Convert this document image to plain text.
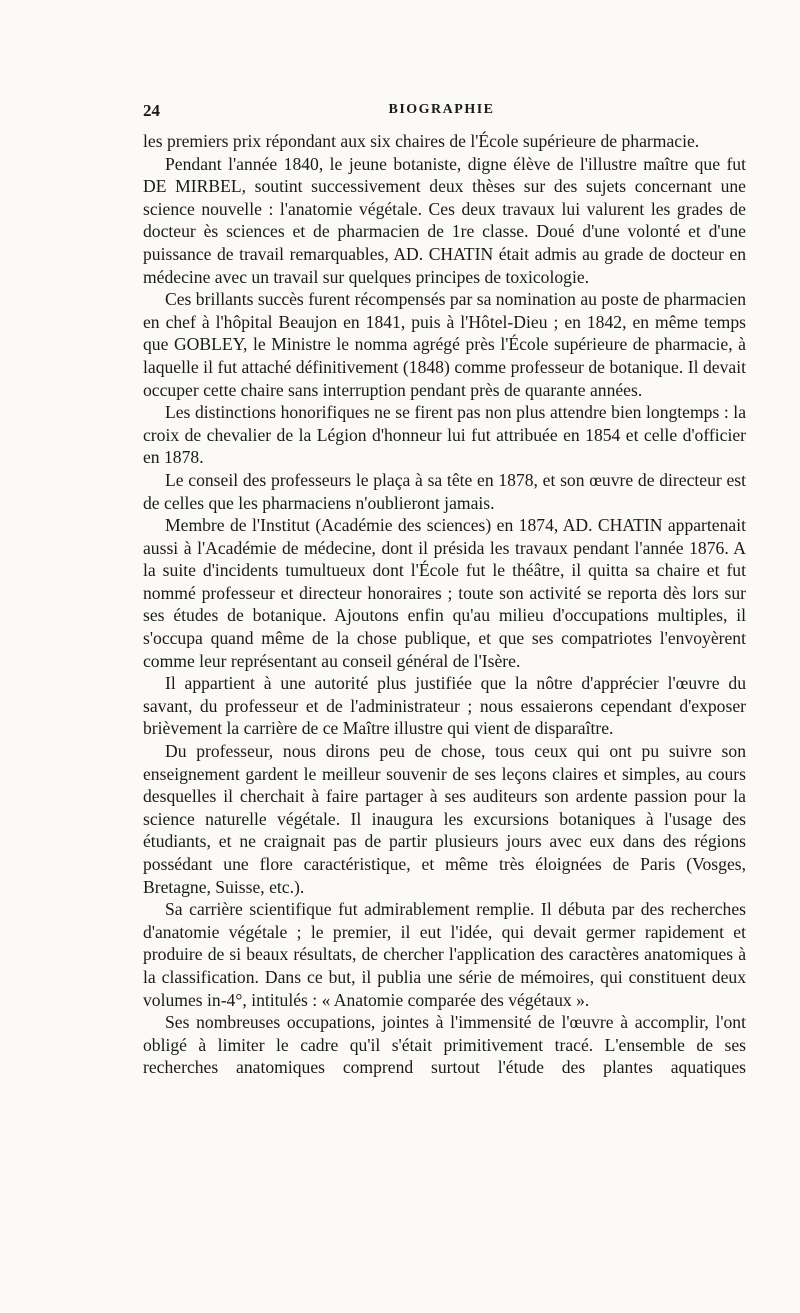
24	BIOGRAPHIE

les premiers prix répondant aux six chaires de l'École supérieure de pharmacie.

Pendant l'année 1840, le jeune botaniste, digne élève de l'illustre maître que fut DE MIRBEL, soutint successivement deux thèses sur des sujets concernant une science nouvelle : l'anatomie végétale. Ces deux travaux lui valurent les grades de docteur ès sciences et de pharmacien de 1re classe. Doué d'une volonté et d'une puissance de travail remarquables, AD. CHATIN était admis au grade de docteur en médecine avec un travail sur quelques principes de toxicologie.

Ces brillants succès furent récompensés par sa nomination au poste de pharmacien en chef à l'hôpital Beaujon en 1841, puis à l'Hôtel-Dieu ; en 1842, en même temps que GOBLEY, le Ministre le nomma agrégé près l'École supérieure de pharmacie, à laquelle il fut attaché définitivement (1848) comme professeur de botanique. Il devait occuper cette chaire sans interruption pendant près de quarante années.

Les distinctions honorifiques ne se firent pas non plus attendre bien longtemps : la croix de chevalier de la Légion d'honneur lui fut attribuée en 1854 et celle d'officier en 1878.

Le conseil des professeurs le plaça à sa tête en 1878, et son œuvre de directeur est de celles que les pharmaciens n'oublieront jamais.

Membre de l'Institut (Académie des sciences) en 1874, AD. CHATIN appartenait aussi à l'Académie de médecine, dont il présida les travaux pendant l'année 1876. A la suite d'incidents tumultueux dont l'École fut le théâtre, il quitta sa chaire et fut nommé professeur et directeur honoraires ; toute son activité se reporta dès lors sur ses études de botanique. Ajoutons enfin qu'au milieu d'occupations multiples, il s'occupa quand même de la chose publique, et que ses compatriotes l'envoyèrent comme leur représentant au conseil général de l'Isère.

Il appartient à une autorité plus justifiée que la nôtre d'apprécier l'œuvre du savant, du professeur et de l'administrateur ; nous essaierons cependant d'exposer brièvement la carrière de ce Maître illustre qui vient de disparaître.

Du professeur, nous dirons peu de chose, tous ceux qui ont pu suivre son enseignement gardent le meilleur souvenir de ses leçons claires et simples, au cours desquelles il cherchait à faire partager à ses auditeurs son ardente passion pour la science naturelle végétale. Il inaugura les excursions botaniques à l'usage des étudiants, et ne craignait pas de partir plusieurs jours avec eux dans des régions possédant une flore caractéristique, et même très éloignées de Paris (Vosges, Bretagne, Suisse, etc.).

Sa carrière scientifique fut admirablement remplie. Il débuta par des recherches d'anatomie végétale ; le premier, il eut l'idée, qui devait germer rapidement et produire de si beaux résultats, de chercher l'application des caractères anatomiques à la classification. Dans ce but, il publia une série de mémoires, qui constituent deux volumes in-4°, intitulés : « Anatomie comparée des végétaux ».

Ses nombreuses occupations, jointes à l'immensité de l'œuvre à accomplir, l'ont obligé à limiter le cadre qu'il s'était primitivement tracé. L'ensemble de ses recherches anatomiques comprend surtout l'étude des plantes aquatiques
